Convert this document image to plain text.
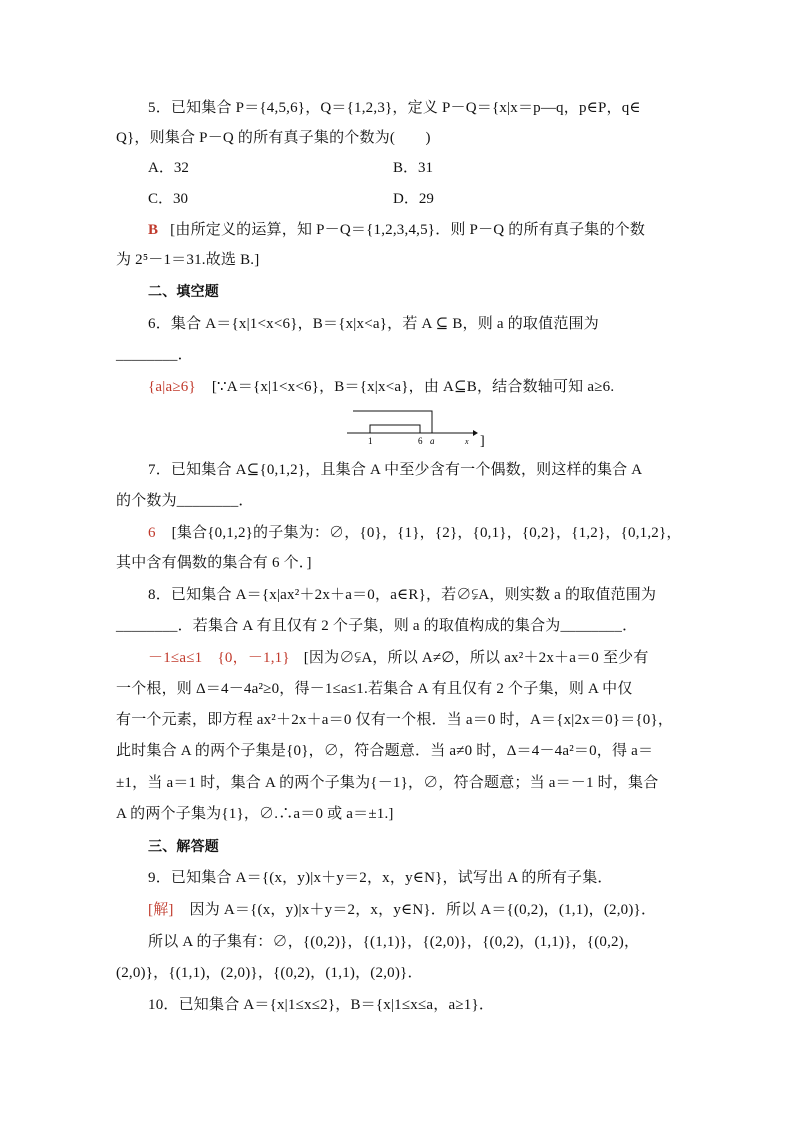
5．已知集合 P＝{4,5,6}，Q＝{1,2,3}，定义 P－Q＝{x|x＝p—q，p∈P，q∈
Q}，则集合 P－Q 的所有真子集的个数为(　　)
A．32	B．31
C．30	D．29
B [由所定义的运算，知 P－Q＝{1,2,3,4,5}．则 P－Q 的所有真子集的个数
为 2⁵－1＝31.故选 B.]
二、填空题
6．集合 A＝{x|1<x<6}，B＝{x|x<a}，若 A ⊆ B，则 a 的取值范围为
________．
{a|a≥6} [∵A＝{x|1<x<6}，B＝{x|x<a}，由 A⊆B，结合数轴可知 a≥6.
1	6 a	x ]
7．已知集合 A⊆{0,1,2}，且集合 A 中至少含有一个偶数，则这样的集合 A
的个数为________．
6 [集合{0,1,2}的子集为：∅，{0}，{1}，{2}，{0,1}，{0,2}，{1,2}，{0,1,2}，
其中含有偶数的集合有 6 个．]
8．已知集合 A＝{x|ax²＋2x＋a＝0，a∈R}，若∅⫋A，则实数 a 的取值范围为
________．若集合 A 有且仅有 2 个子集，则 a 的取值构成的集合为________．
－1≤a≤1　{0，－1,1} [因为∅⫋A，所以 A≠∅，所以 ax²＋2x＋a＝0 至少有
一个根，则 Δ＝4－4a²≥0，得－1≤a≤1.若集合 A 有且仅有 2 个子集，则 A 中仅
有一个元素，即方程 ax²＋2x＋a＝0 仅有一个根．当 a＝0 时，A＝{x|2x＝0}＝{0}，
此时集合 A 的两个子集是{0}，∅，符合题意．当 a≠0 时，Δ＝4－4a²＝0，得 a＝
±1，当 a＝1 时，集合 A 的两个子集为{－1}，∅，符合题意；当 a＝－1 时，集合
A 的两个子集为{1}，∅.∴a＝0 或 a＝±1.]
三、解答题
9．已知集合 A＝{(x，y)|x＋y＝2，x，y∈N}，试写出 A 的所有子集．
[解] 因为 A＝{(x，y)|x＋y＝2，x，y∈N}．所以 A＝{(0,2)，(1,1)，(2,0)}．
所以 A 的子集有：∅，{(0,2)}，{(1,1)}，{(2,0)}，{(0,2)，(1,1)}，{(0,2)，
(2,0)}，{(1,1)，(2,0)}，{(0,2)，(1,1)，(2,0)}．
10．已知集合 A＝{x|1≤x≤2}，B＝{x|1≤x≤a，a≥1}．
